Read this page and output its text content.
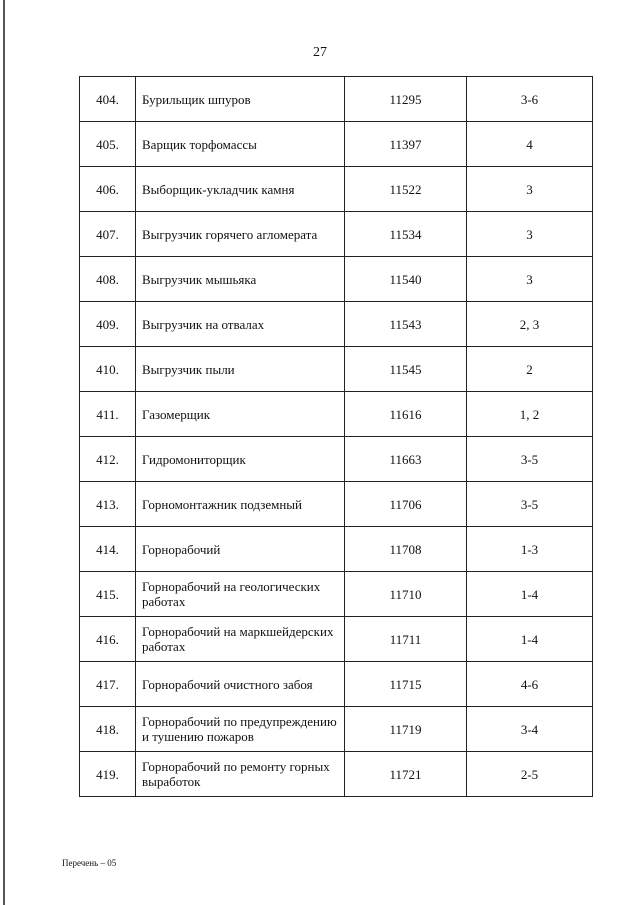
27
404.	Бурильщик шпуров	11295	3-6
405.	Варщик торфомассы	11397	4
406.	Выборщик-укладчик камня	11522	3
407.	Выгрузчик горячего агломерата	11534	3
408.	Выгрузчик мышьяка	11540	3
409.	Выгрузчик на отвалах	11543	2, 3
410.	Выгрузчик пыли	11545	2
411.	Газомерщик	11616	1, 2
412.	Гидромониторщик	11663	3-5
413.	Горномонтажник подземный	11706	3-5
414.	Горнорабочий	11708	1-3
415.	Горнорабочий на геологических работах	11710	1-4
416.	Горнорабочий на маркшейдерских работах	11711	1-4
417.	Горнорабочий очистного забоя	11715	4-6
418.	Горнорабочий по предупреждению и тушению пожаров	11719	3-4
419.	Горнорабочий по ремонту горных выработок	11721	2-5
Перечень – 05
